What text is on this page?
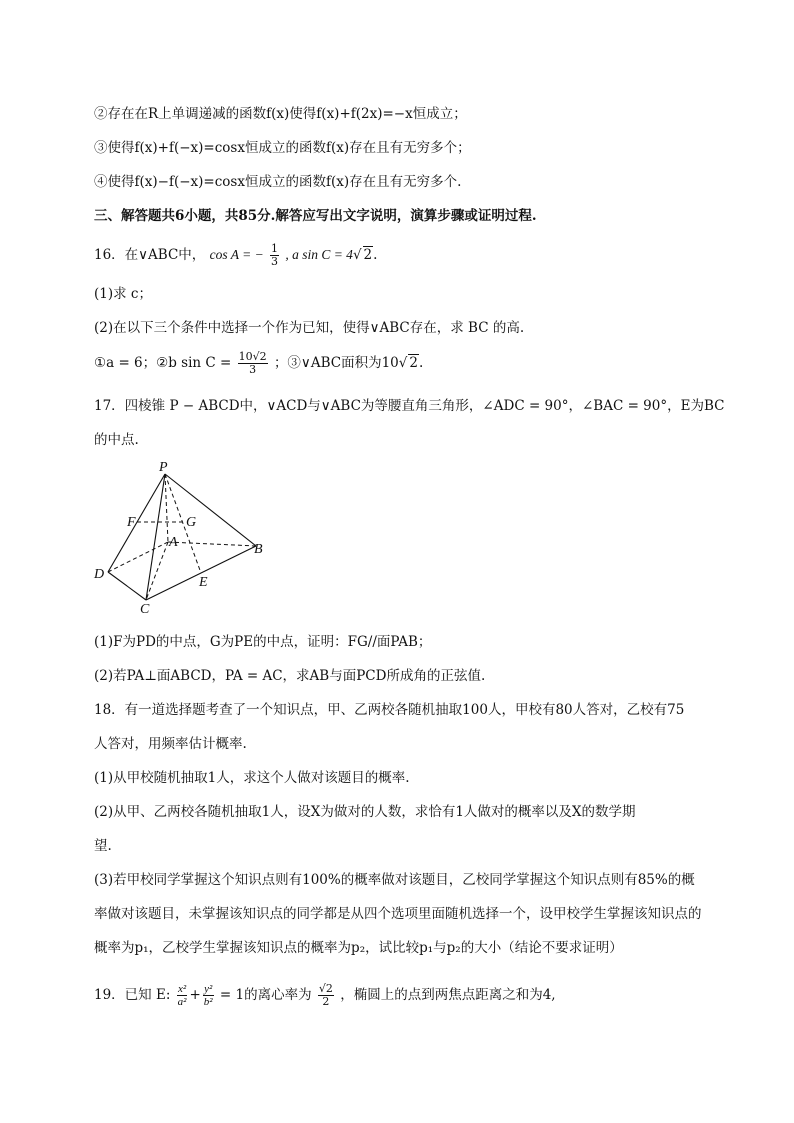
②存在在R上单调递减的函数f(x)使得f(x)+f(2x)=−x恒成立；
③使得f(x)+f(−x)=cosx恒成立的函数f(x)存在且有无穷多个；
④使得f(x)−f(−x)=cosx恒成立的函数f(x)存在且有无穷多个.
三、解答题共6小题，共85分.解答应写出文字说明，演算步骤或证明过程.
16．在∨ABC中， cos A = − $\frac{1}{3}$ , a sin C = 4√ 2.
(1)求 c；
(2)在以下三个条件中选择一个作为已知，使得∨ABC存在，求 BC 的高.
①a = 6；②b $\sin C = \frac{10√2}{3}$ ；③∨ABC面积为10√ 2.
17．四棱锥 P − ABCD中，∨ACD与∨ABC为等腰直角三角形，∠ADC = 90°，∠BAC = 90°，E为BC
的中点.
P
F	G
A	B
D
E
C
(1)F为PD的中点，G为PE的中点，证明：FG//面PAB；
(2)若PA⊥面ABCD，PA = AC，求AB与面PCD所成角的正弦值.
18．有一道选择题考查了一个知识点，甲、乙两校各随机抽取100人，甲校有80人答对，乙校有75
人答对，用频率估计概率.
(1)从甲校随机抽取1人，求这个人做对该题目的概率.
(2)从甲、乙两校各随机抽取1人，设X为做对的人数，求恰有1人做对的概率以及X的数学期
望.
(3)若甲校同学掌握这个知识点则有100%的概率做对该题目，乙校同学掌握这个知识点则有85%的概率做对该题目，未掌握该知识点的同学都是从四个选项里面随机选择一个，设甲校学生掌握该知识点的概率为p₁，乙校学生掌握该知识点的概率为p₂，试比较p₁与p₂的大小（结论不要求证明）
19．已知 E: $\frac{\text{x²}}{\text{a²}} + \frac{\text{y²}}{\text{b²}} = 1$的离心率为 $\frac{√2}{2}$ ，椭圆上的点到两焦点距离之和为4,
